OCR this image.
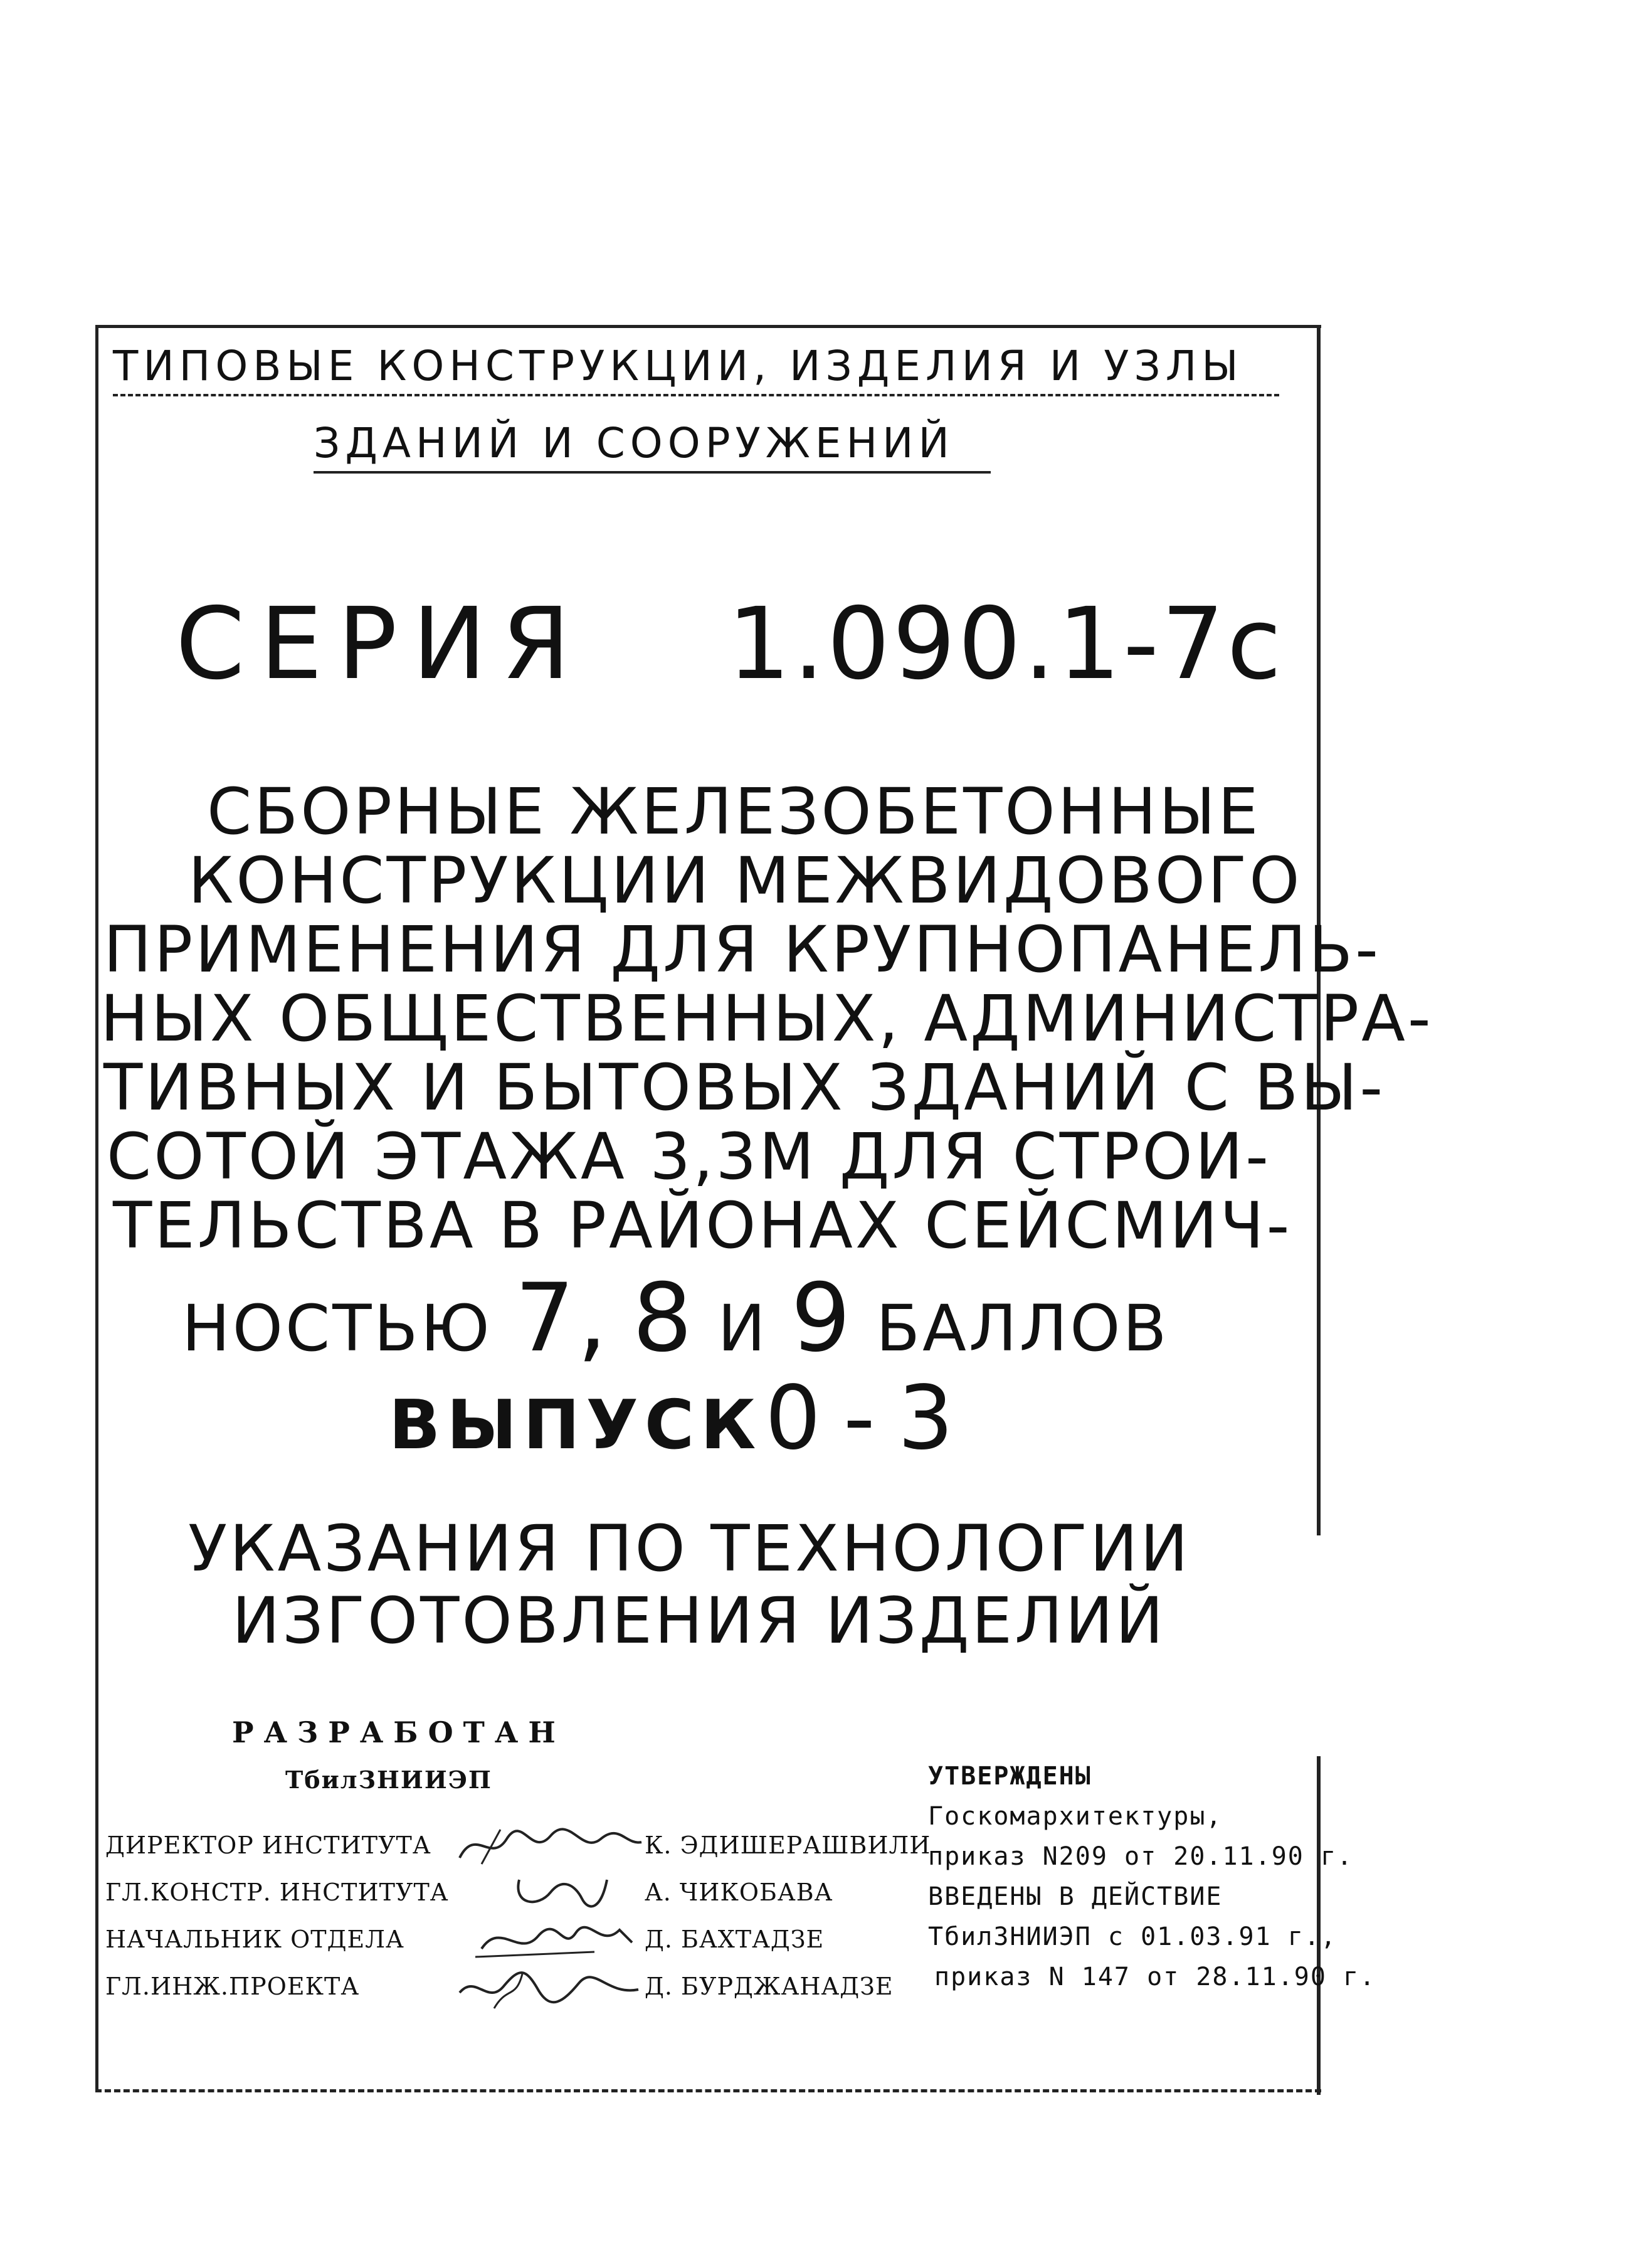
ТИПОВЫЕ КОНСТРУКЦИИ, ИЗДЕЛИЯ И УЗЛЫ
ЗДАНИЙ И СООРУЖЕНИЙ
СЕРИЯ 1.090.1-7с
СБОРНЫЕ ЖЕЛЕЗОБЕТОННЫЕ
КОНСТРУКЦИИ МЕЖВИДОВОГО
ПРИМЕНЕНИЯ ДЛЯ КРУПНОПАНЕЛЬ-
НЫХ ОБЩЕСТВЕННЫХ, АДМИНИСТРА-
ТИВНЫХ И БЫТОВЫХ ЗДАНИЙ С ВЫ-
СОТОЙ ЭТАЖА 3,3М ДЛЯ СТРОИ-
ТЕЛЬСТВА В РАЙОНАХ СЕЙСМИЧ-
НОСТЬЮ 7, 8 И 9 БАЛЛОВ
ВЫПУСК 0-3
УКАЗАНИЯ ПО ТЕХНОЛОГИИ
ИЗГОТОВЛЕНИЯ ИЗДЕЛИЙ
РАЗРАБОТАН
ТбилЗНИИЭП
ДИРЕКТОР ИНСТИТУТА	К. ЭДИШЕРАШВИЛИ
ГЛ.КОНСТР. ИНСТИТУТА	А. ЧИКОБАВА
НАЧАЛЬНИК ОТДЕЛА	Д. БАХТАДЗЕ
ГЛ.ИНЖ.ПРОЕКТА	Д. БУРДЖАНАДЗЕ
УТВЕРЖДЕНЫ
Госкомархитектуры,
приказ N209 от 20.11.90 г.
ВВЕДЕНЫ В ДЕЙСТВИЕ
ТбилЗНИИЭП с 01.03.91 г.,
приказ N 147 от 28.11.90 г.
